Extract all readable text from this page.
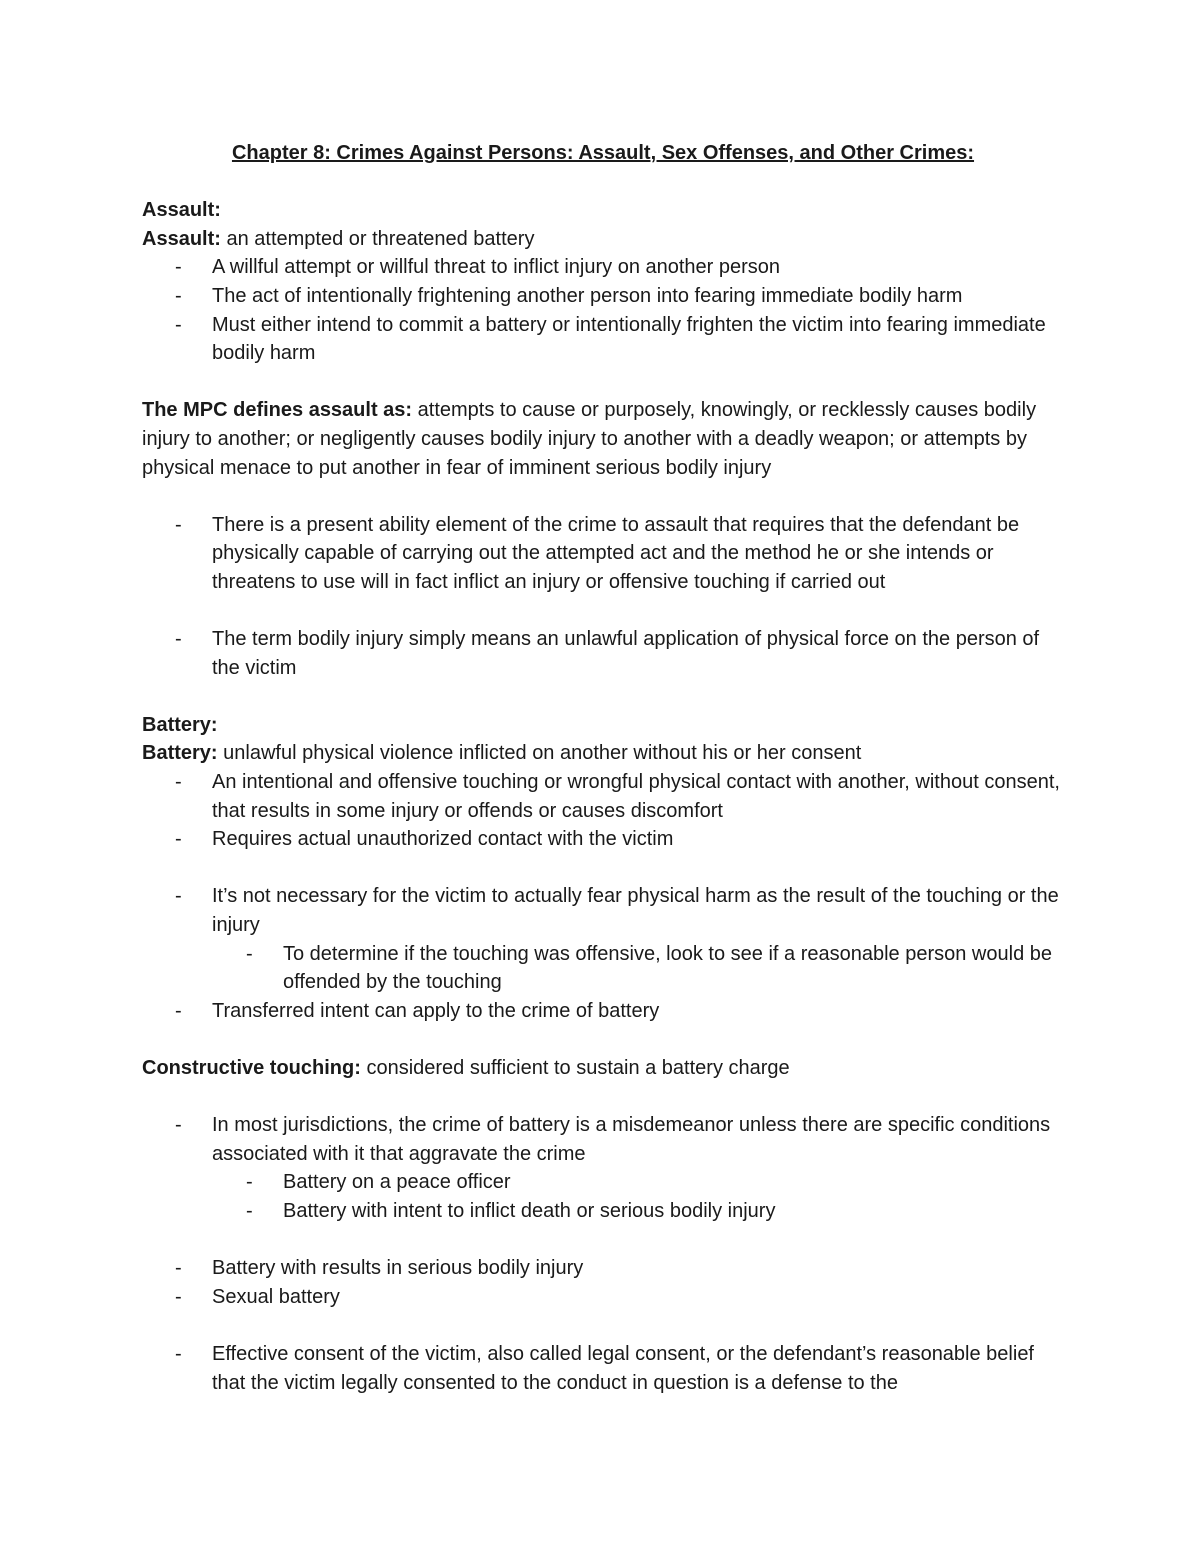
Chapter 8: Crimes Against Persons: Assault, Sex Offenses, and Other Crimes:

Assault:

Assault: an attempted or threatened battery

- A willful attempt or willful threat to inflict injury on another person
- The act of intentionally frightening another person into fearing immediate bodily harm
- Must either intend to commit a battery or intentionally frighten the victim into fearing immediate bodily harm

The MPC defines assault as: attempts to cause or purposely, knowingly, or recklessly causes bodily injury to another; or negligently causes bodily injury to another with a deadly weapon; or attempts by physical menace to put another in fear of imminent serious bodily injury

- There is a present ability element of the crime to assault that requires that the defendant be physically capable of carrying out the attempted act and the method he or she intends or threatens to use will in fact inflict an injury or offensive touching if carried out
- The term bodily injury simply means an unlawful application of physical force on the person of the victim

Battery:

Battery: unlawful physical violence inflicted on another without his or her consent

- An intentional and offensive touching or wrongful physical contact with another, without consent, that results in some injury or offends or causes discomfort
- Requires actual unauthorized contact with the victim
- It’s not necessary for the victim to actually fear physical harm as the result of the touching or the injury
- To determine if the touching was offensive, look to see if a reasonable person would be offended by the touching
- Transferred intent can apply to the crime of battery

Constructive touching: considered sufficient to sustain a battery charge

- In most jurisdictions, the crime of battery is a misdemeanor unless there are specific conditions associated with it that aggravate the crime
- Battery on a peace officer
- Battery with intent to inflict death or serious bodily injury
- Battery with results in serious bodily injury
- Sexual battery
- Effective consent of the victim, also called legal consent, or the defendant’s reasonable belief that the victim legally consented to the conduct in question is a defense to the
